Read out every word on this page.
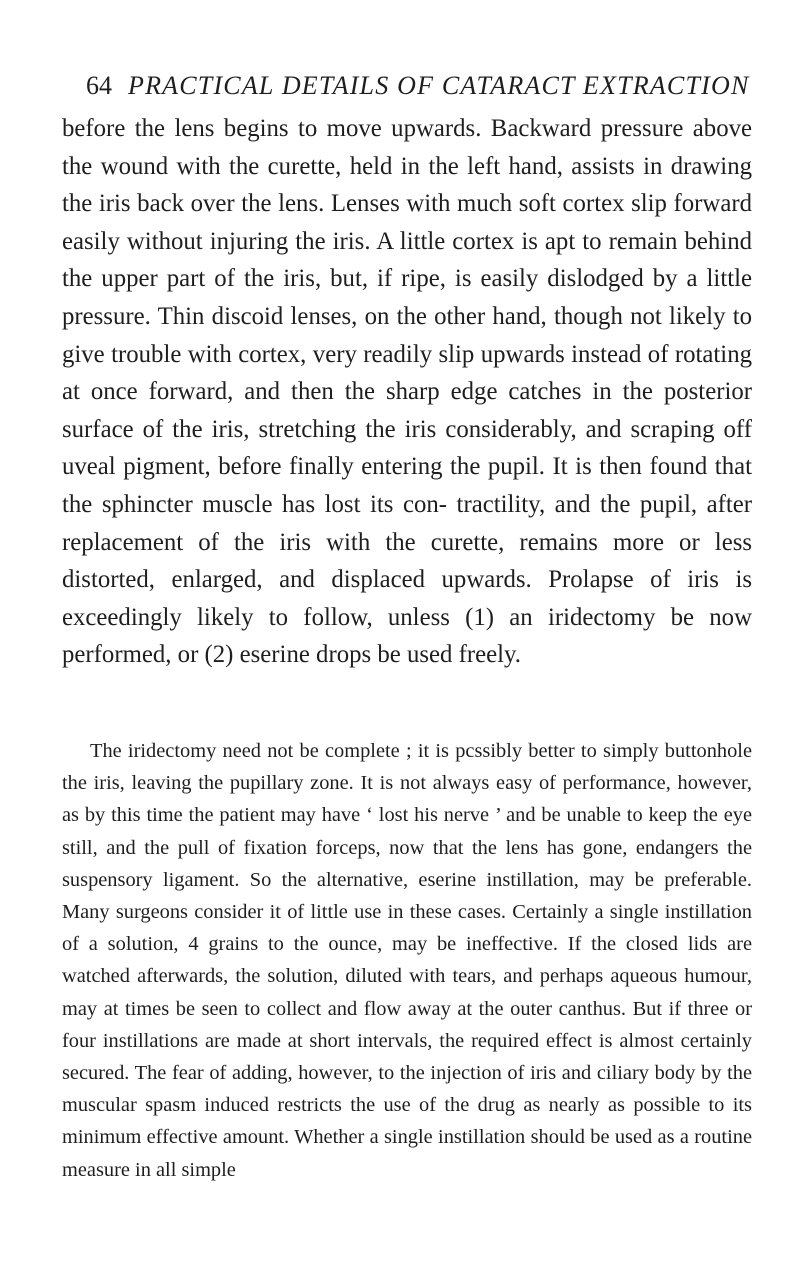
64 PRACTICAL DETAILS OF CATARACT EXTRACTION

before the lens begins to move upwards. Backward pressure above the wound with the curette, held in the left hand, assists in drawing the iris back over the lens. Lenses with much soft cortex slip forward easily without injuring the iris. A little cortex is apt to remain behind the upper part of the iris, but, if ripe, is easily dislodged by a little pressure. Thin discoid lenses, on the other hand, though not likely to give trouble with cortex, very readily slip upwards instead of rotating at once forward, and then the sharp edge catches in the posterior surface of the iris, stretching the iris considerably, and scraping off uveal pigment, before finally entering the pupil. It is then found that the sphincter muscle has lost its con- tractility, and the pupil, after replacement of the iris with the curette, remains more or less distorted, enlarged, and displaced upwards. Prolapse of iris is exceedingly likely to follow, unless (1) an iridectomy be now performed, or (2) eserine drops be used freely.

The iridectomy need not be complete ; it is pcssibly better to simply buttonhole the iris, leaving the pupillary zone. It is not always easy of performance, however, as by this time the patient may have ‘ lost his nerve ’ and be unable to keep the eye still, and the pull of fixation forceps, now that the lens has gone, endangers the suspensory ligament. So the alternative, eserine instillation, may be preferable. Many surgeons consider it of little use in these cases. Certainly a single instillation of a solution, 4 grains to the ounce, may be ineffective. If the closed lids are watched afterwards, the solution, diluted with tears, and perhaps aqueous humour, may at times be seen to collect and flow away at the outer canthus. But if three or four instillations are made at short intervals, the required effect is almost certainly secured. The fear of adding, however, to the injection of iris and ciliary body by the muscular spasm induced restricts the use of the drug as nearly as possible to its minimum effective amount. Whether a single instillation should be used as a routine measure in all simple
